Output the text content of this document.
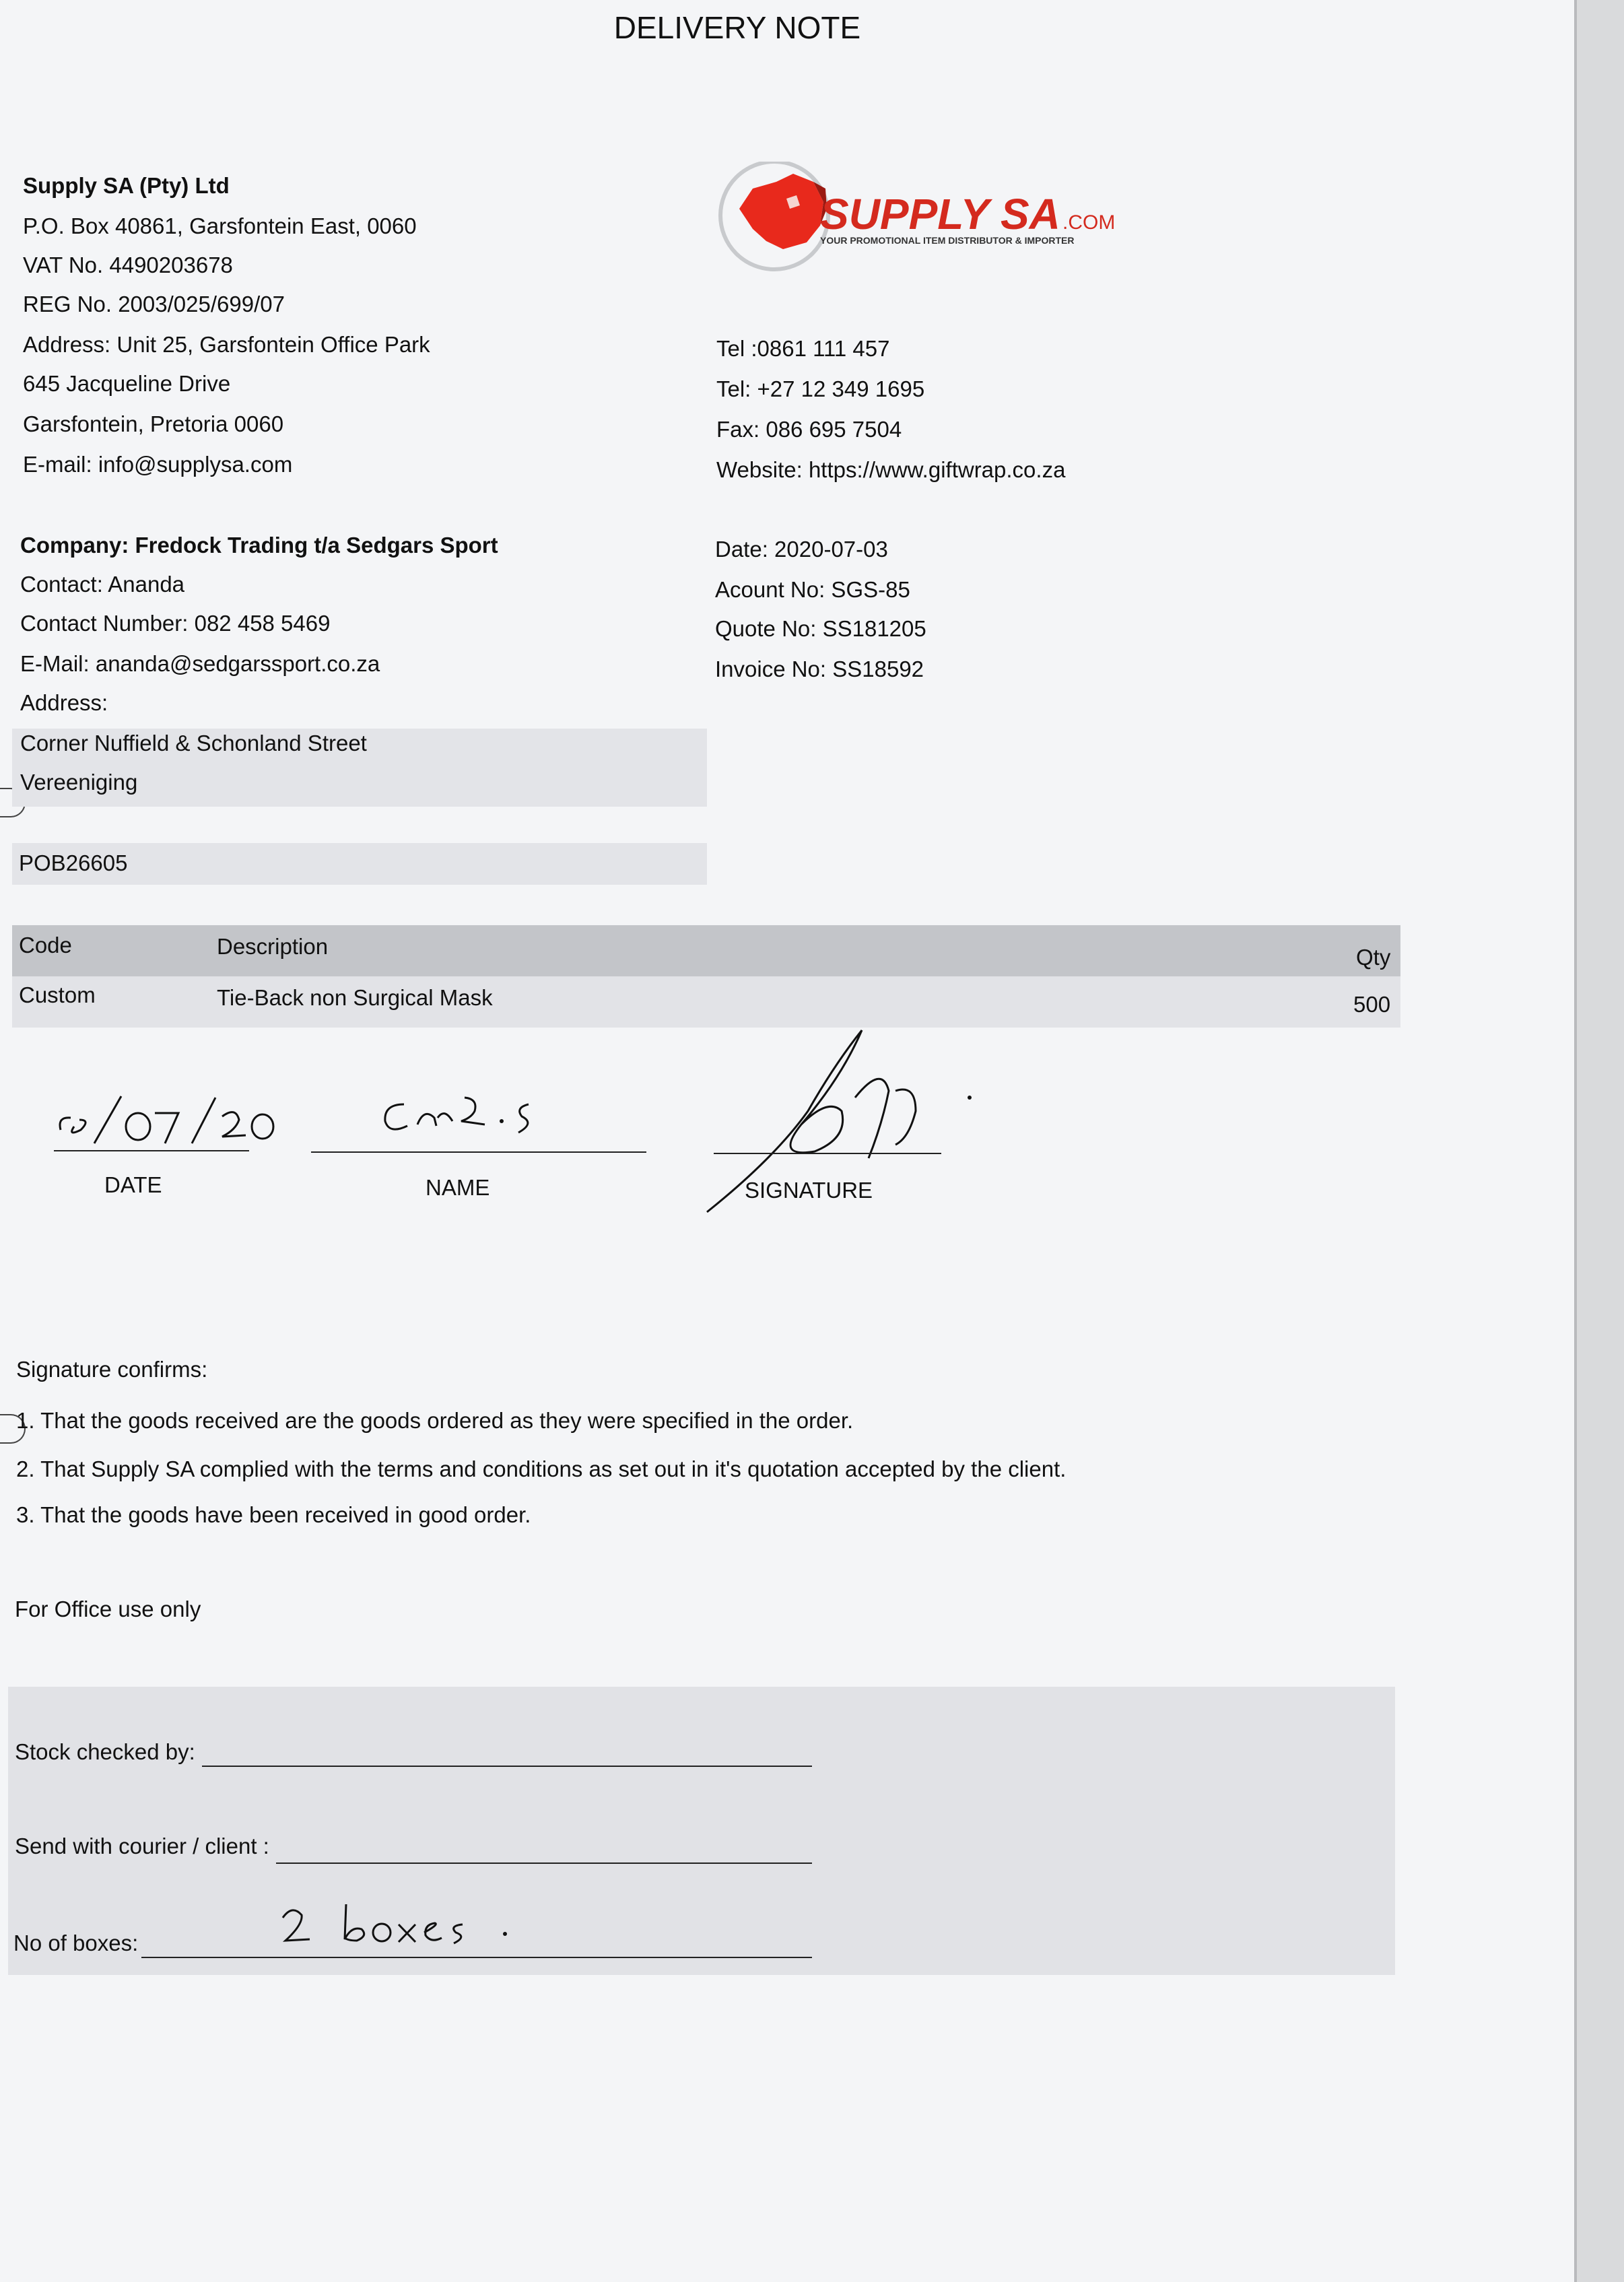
DELIVERY NOTE
Supply SA (Pty) Ltd
P.O. Box 40861, Garsfontein East, 0060
VAT No. 4490203678
REG No. 2003/025/699/07
Address: Unit 25, Garsfontein Office Park
645 Jacqueline Drive
Garsfontein, Pretoria 0060
E-mail: info@supplysa.com
SUPPLY SA .COM
YOUR PROMOTIONAL ITEM DISTRIBUTOR & IMPORTER
Tel :0861 111 457
Tel: +27 12 349 1695
Fax: 086 695 7504
Website: https://www.giftwrap.co.za
Company: Fredock Trading t/a Sedgars Sport
Contact: Ananda
Contact Number: 082 458 5469
E-Mail: ananda@sedgarssport.co.za
Address:
Corner Nuffield & Schonland Street
Vereeniging
POB26605
Date: 2020-07-03
Acount No: SGS-85
Quote No: SS181205
Invoice No: SS18592
Code	Description	Qty
Custom	Tie-Back non Surgical Mask	500
DATE	NAME	SIGNATURE
Signature confirms:
1. That the goods received are the goods ordered as they were specified in the order.
2. That Supply SA complied with the terms and conditions as set out in it's quotation accepted by the client.
3. That the goods have been received in good order.
For Office use only
Stock checked by:
Send with courier / client :
No of boxes:
